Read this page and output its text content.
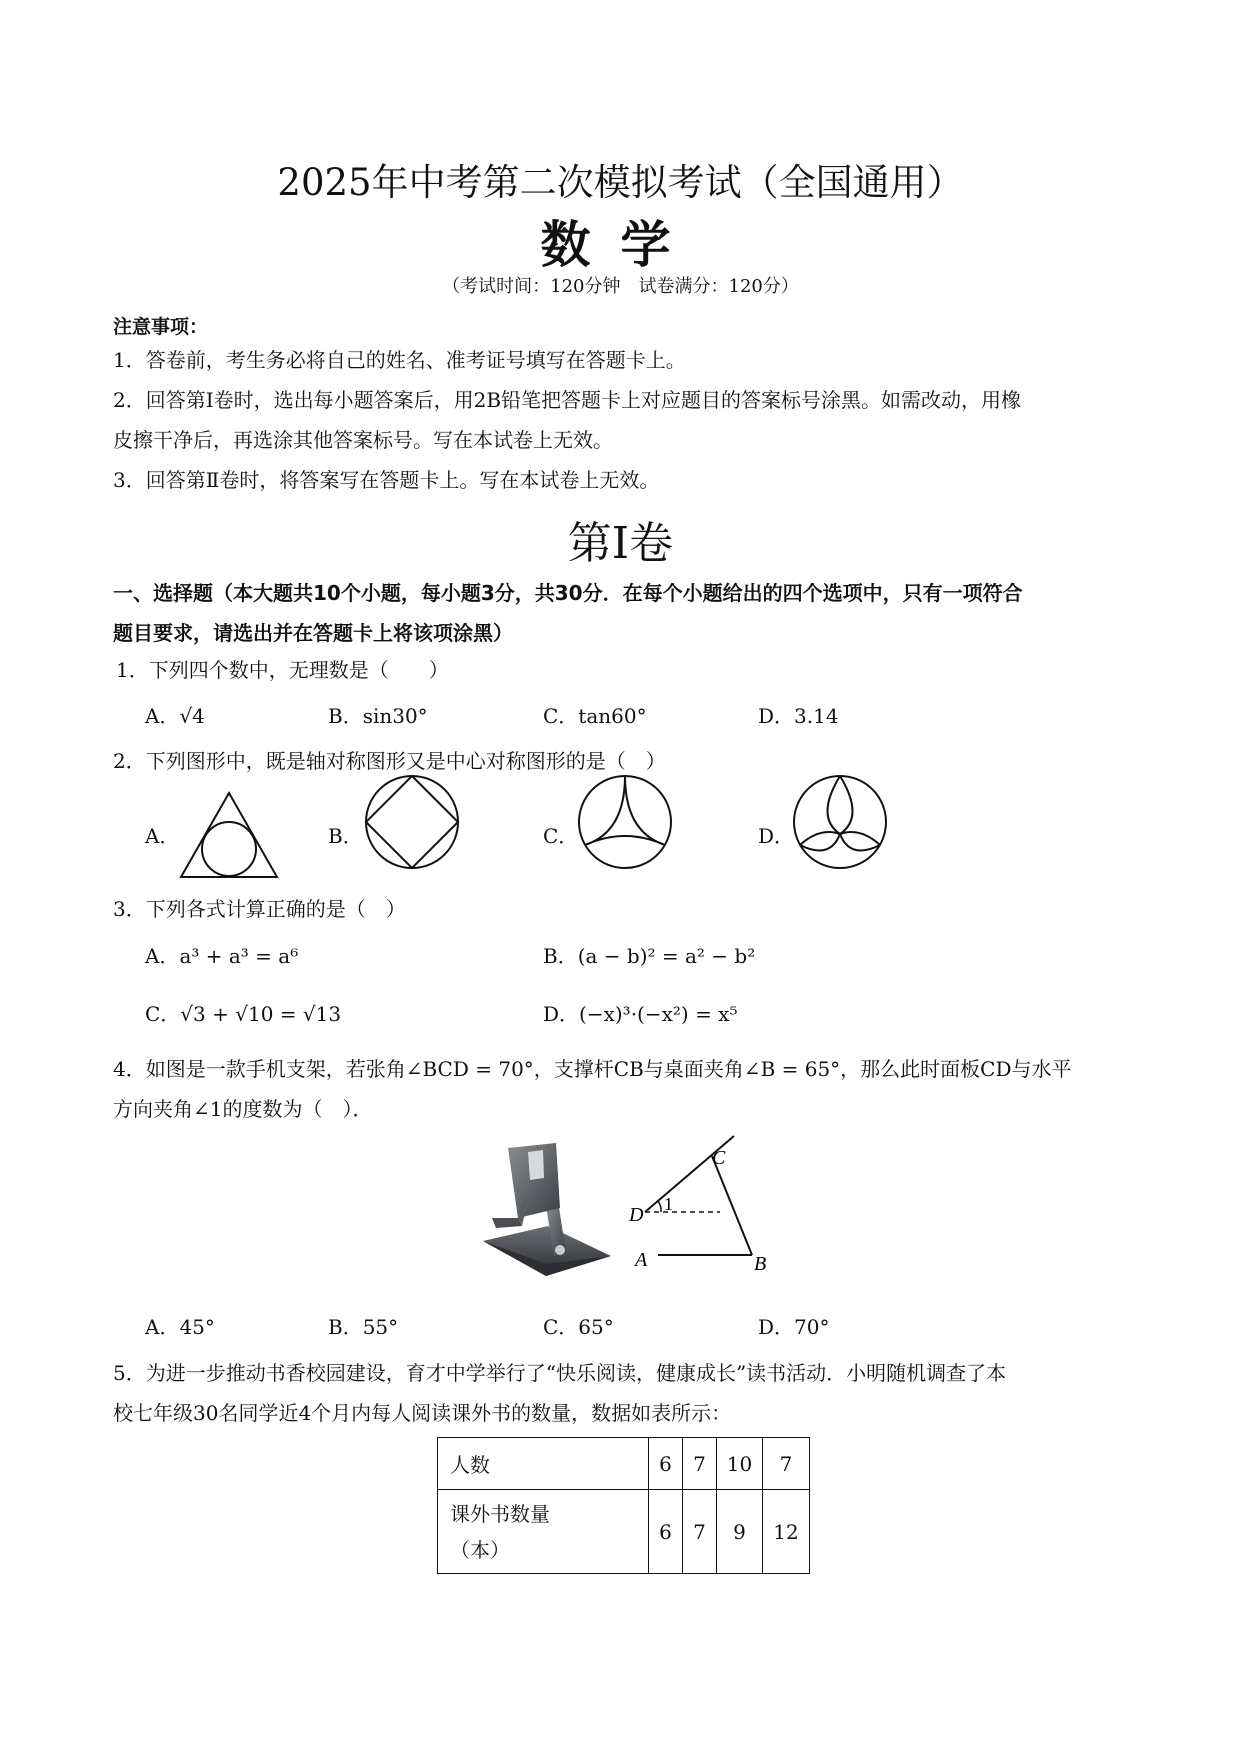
2025年中考第二次模拟考试（全国通用）
数学
（考试时间：120分钟　试卷满分：120分）
注意事项：
1．答卷前，考生务必将自己的姓名、准考证号填写在答题卡上。
2．回答第Ⅰ卷时，选出每小题答案后，用2B铅笔把答题卡上对应题目的答案标号涂黑。如需改动，用橡
皮擦干净后，再选涂其他答案标号。写在本试卷上无效。
3．回答第Ⅱ卷时，将答案写在答题卡上。写在本试卷上无效。
第Ⅰ卷
一、选择题（本大题共10个小题，每小题3分，共30分．在每个小题给出的四个选项中，只有一项符合
题目要求，请选出并在答题卡上将该项涂黑）
1．下列四个数中，无理数是（　　）
A．√4	B．sin30°	C．tan60°	D．3.14
2．下列图形中，既是轴对称图形又是中心对称图形的是（　）
A．	B．	C．	D．
3．下列各式计算正确的是（　）
A．a³ + a³ = a⁶	B．(a − b)² = a² − b²
C．√3 + √10 = √13	D．(−x)³·(−x²) = x⁵
4．如图是一款手机支架，若张角∠BCD = 70°，支撑杆CB与桌面夹角∠B = 65°，那么此时面板CD与水平
方向夹角∠1的度数为（　）．
C
D 1
A	B
A．45°	B．55°	C．65°	D．70°
5．为进一步推动书香校园建设，育才中学举行了“快乐阅读，健康成长”读书活动．小明随机调查了本
校七年级30名同学近4个月内每人阅读课外书的数量，数据如表所示：
人数	6	7	10	7

课外书数量
（本）	6	7	9	12
